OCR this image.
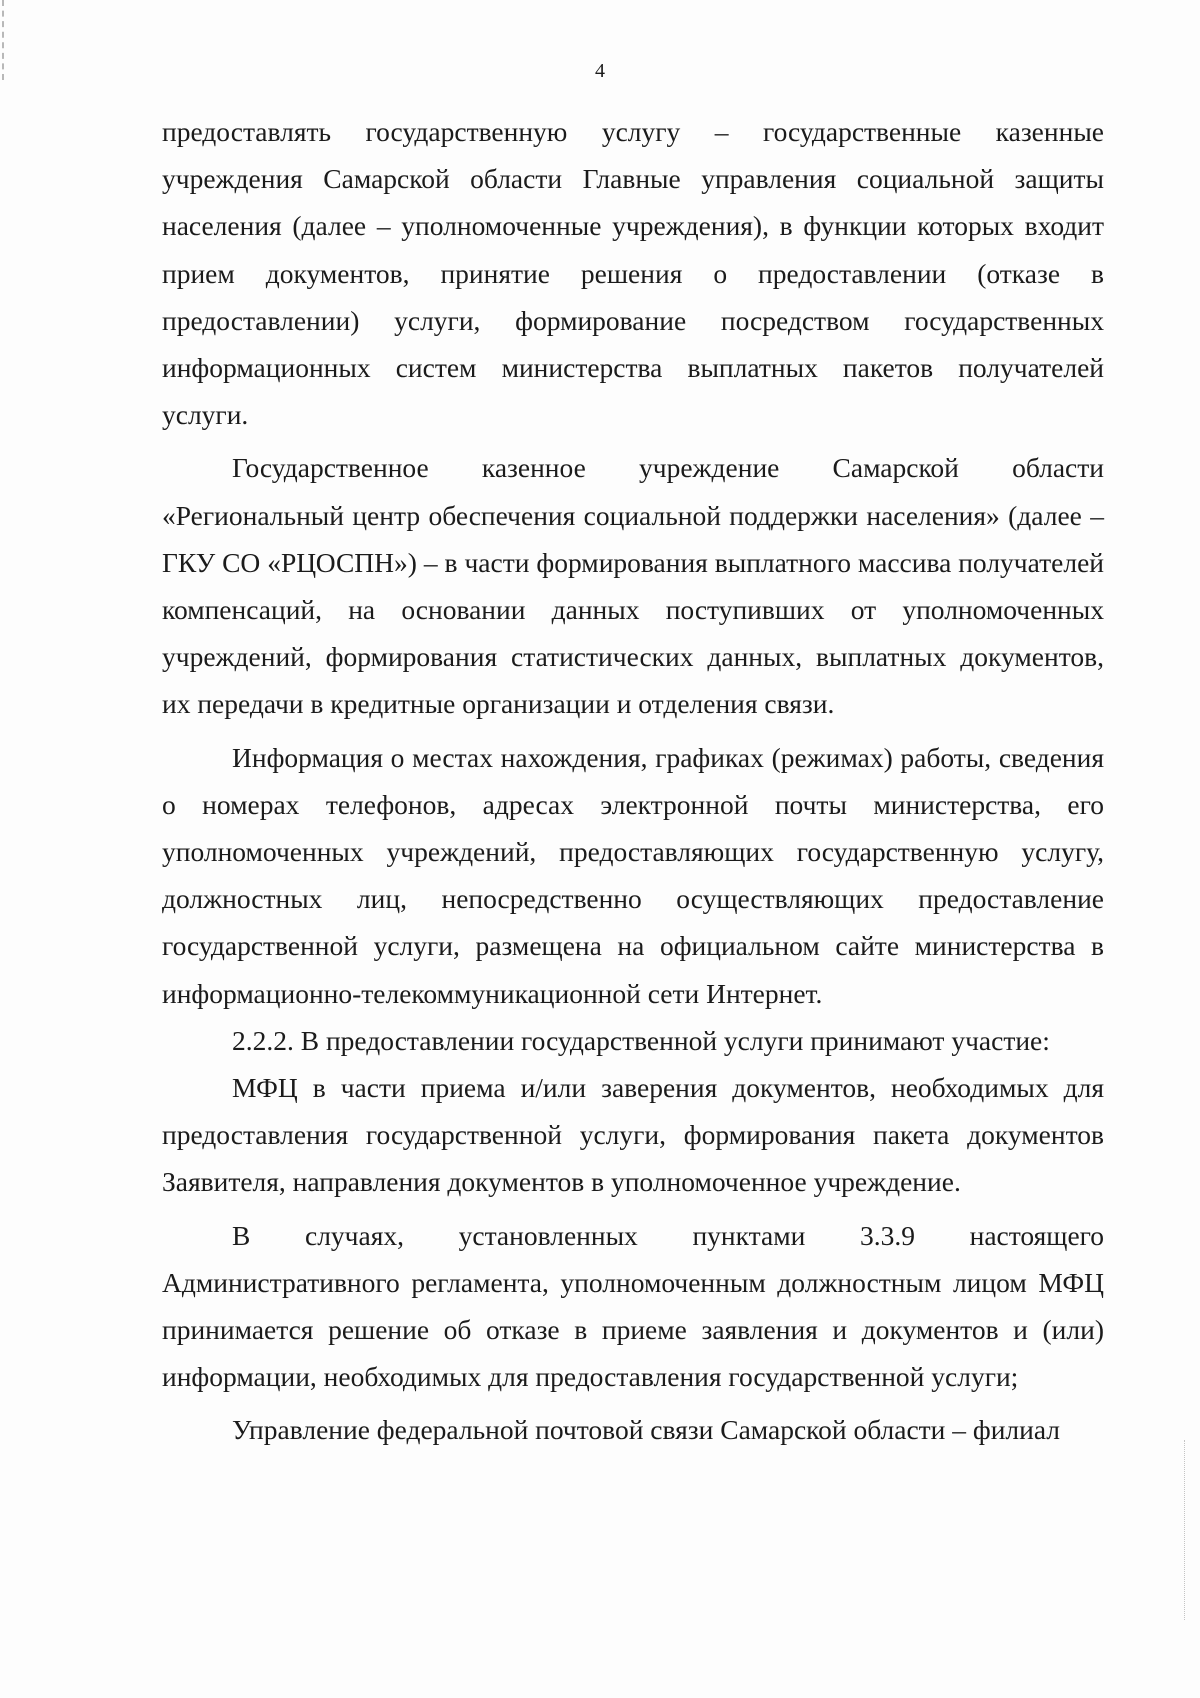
4

предоставлять государственную услугу – государственные казенные учреждения Самарской области Главные управления социальной защиты населения (далее – уполномоченные учреждения), в функции которых входит прием документов, принятие решения о предоставлении (отказе в предоставлении) услуги, формирование посредством государственных информационных систем министерства выплатных пакетов получателей услуги.

Государственное казенное учреждение Самарской области «Региональный центр обеспечения социальной поддержки населения» (далее – ГКУ СО «РЦОСПН») – в части формирования выплатного массива получателей компенсаций, на основании данных поступивших от уполномоченных учреждений, формирования статистических данных, выплатных документов, их передачи в кредитные организации и отделения связи.

Информация о местах нахождения, графиках (режимах) работы, сведения о номерах телефонов, адресах электронной почты министерства, его уполномоченных учреждений, предоставляющих государственную услугу, должностных лиц, непосредственно осуществляющих предоставление государственной услуги, размещена на официальном сайте министерства в информационно-телекоммуникационной сети Интернет.

2.2.2. В предоставлении государственной услуги принимают участие:

МФЦ в части приема и/или заверения документов, необходимых для предоставления государственной услуги, формирования пакета документов Заявителя, направления документов в уполномоченное учреждение.

В случаях, установленных пунктами 3.3.9 настоящего Административного регламента, уполномоченным должностным лицом МФЦ принимается решение об отказе в приеме заявления и документов и (или) информации, необходимых для предоставления государственной услуги;

Управление федеральной почтовой связи Самарской области – филиал
